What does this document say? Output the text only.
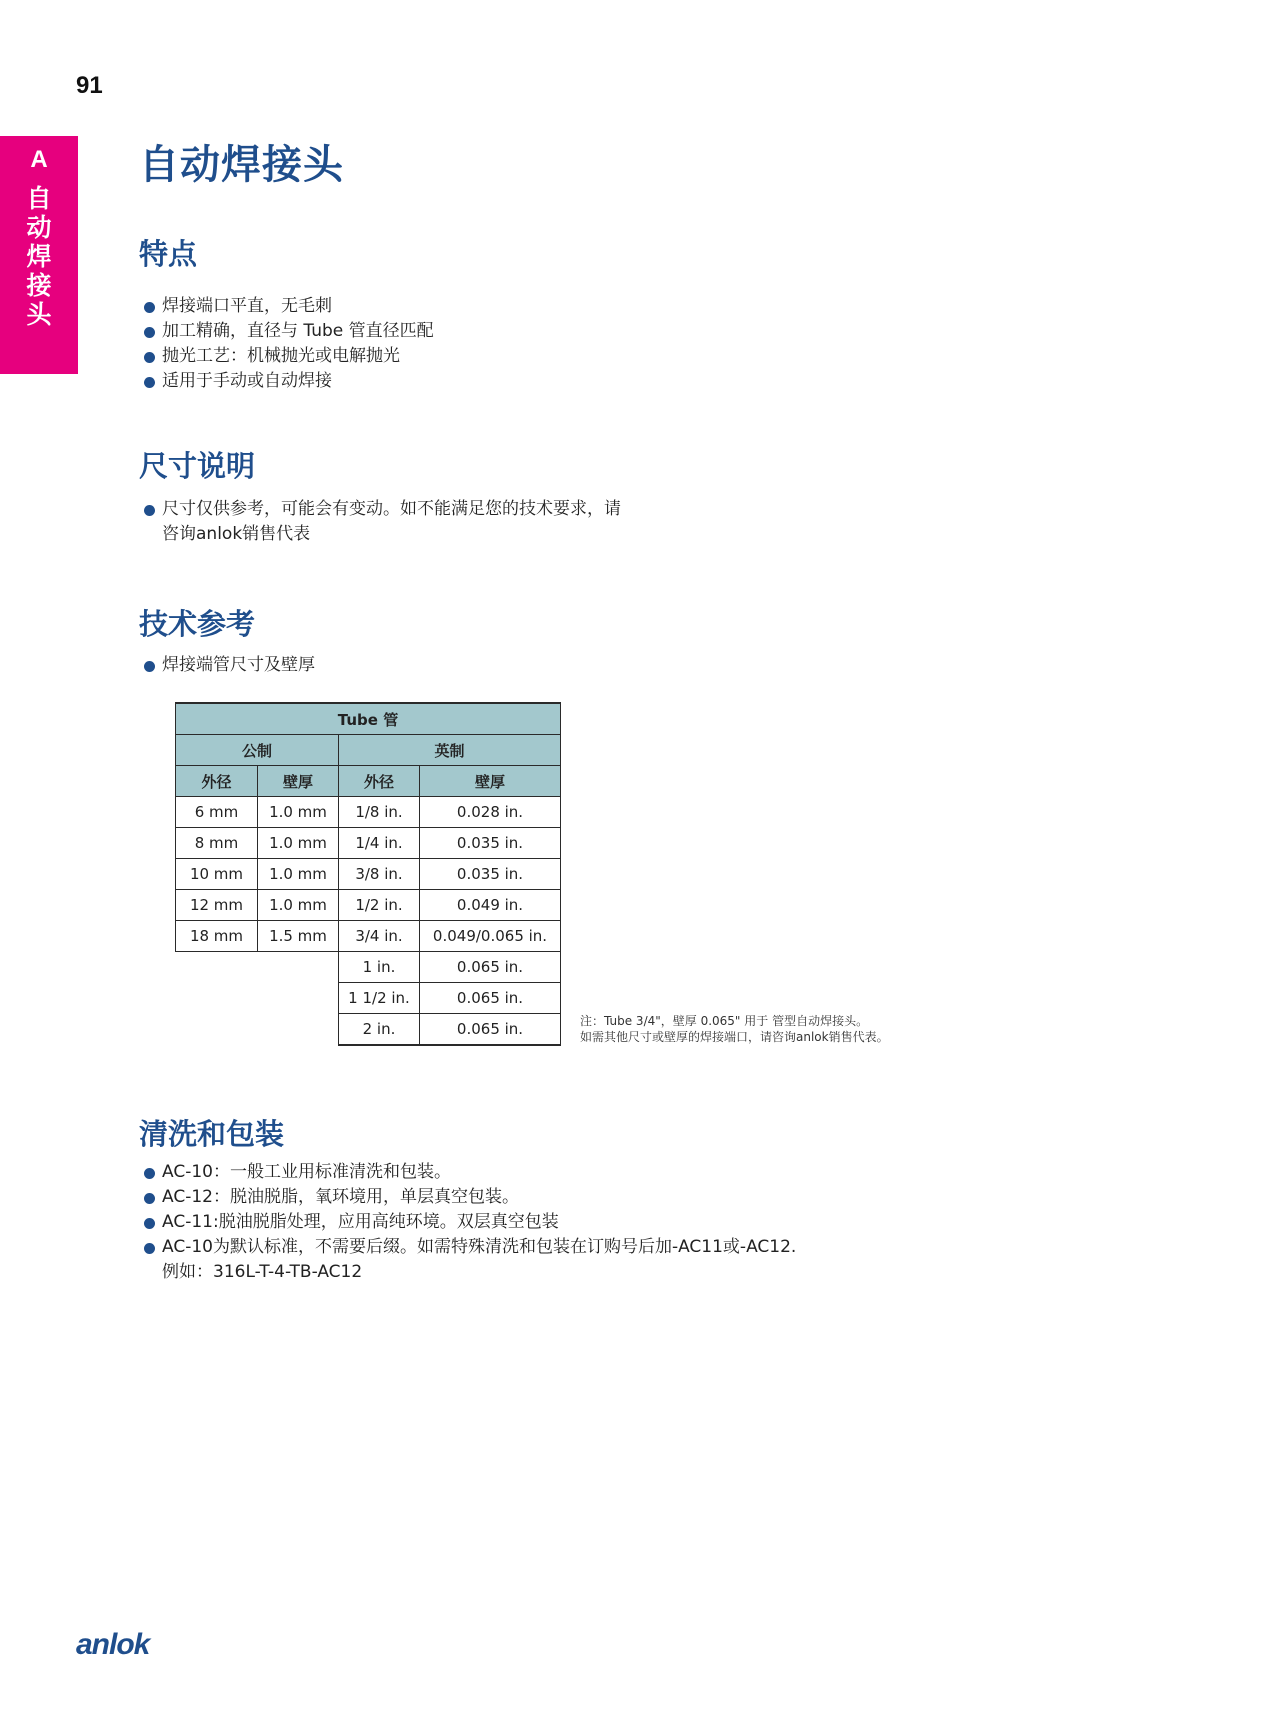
91
A
自
动
焊
接
头
自动焊接头
特点
焊接端口平直，无毛刺
加工精确，直径与 Tube 管直径匹配
抛光工艺：机械抛光或电解抛光
适用于手动或自动焊接
尺寸说明
尺寸仅供参考，可能会有变动。如不能满足您的技术要求，请
咨询anlok销售代表
技术参考
焊接端管尺寸及壁厚
Tube 管			
公制		英制	
外径	壁厚	外径	壁厚
6 mm	1.0 mm	1/8 in.	0.028 in.
8 mm	1.0 mm	1/4 in.	0.035 in.
10 mm	1.0 mm	3/8 in.	0.035 in.
12 mm	1.0 mm	1/2 in.	0.049 in.
18 mm	1.5 mm	3/4 in.	0.049/0.065 in.
		1 in.	0.065 in.
		1 1/2 in.	0.065 in.
		2 in.	0.065 in.	注：Tube 3/4"，壁厚 0.065" 用于 管型自动焊接头。
如需其他尺寸或壁厚的焊接端口，请咨询anlok销售代表。
清洗和包装
AC-10：一般工业用标准清洗和包装。
AC-12：脱油脱脂，氧环境用，单层真空包装。
AC-11:脱油脱脂处理，应用高纯环境。双层真空包装
AC-10为默认标准，不需要后缀。如需特殊清洗和包装在订购号后加-AC11或-AC12.
例如：316L-T-4-TB-AC12
anlok
